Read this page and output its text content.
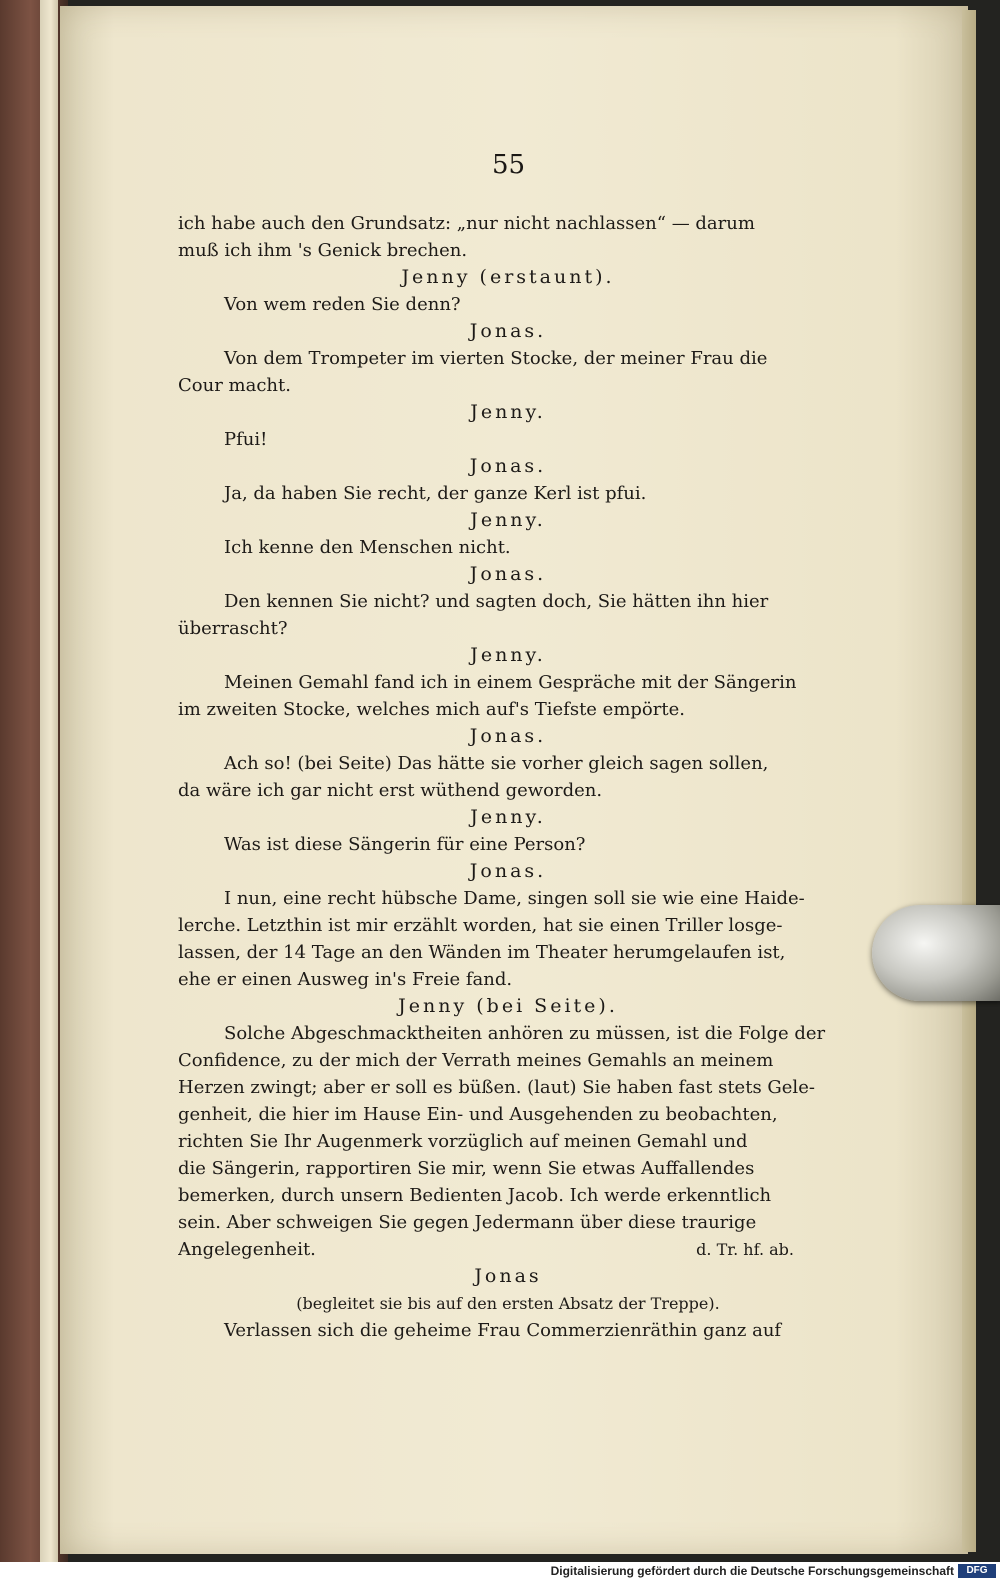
55
ich habe auch den Grundsatz: „nur nicht nachlassen“ — darum
muß ich ihm 's Genick brechen.
Jenny (erstaunt).
Von wem reden Sie denn?
Jonas.
Von dem Trompeter im vierten Stocke, der meiner Frau die
Cour macht.
Jenny.
Pfui!
Jonas.
Ja, da haben Sie recht, der ganze Kerl ist pfui.
Jenny.
Ich kenne den Menschen nicht.
Jonas.
Den kennen Sie nicht? und sagten doch, Sie hätten ihn hier
überrascht?
Jenny.
Meinen Gemahl fand ich in einem Gespräche mit der Sängerin
im zweiten Stocke, welches mich auf's Tiefste empörte.
Jonas.
Ach so! (bei Seite) Das hätte sie vorher gleich sagen sollen,
da wäre ich gar nicht erst wüthend geworden.
Jenny.
Was ist diese Sängerin für eine Person?
Jonas.
I nun, eine recht hübsche Dame, singen soll sie wie eine Haide-
lerche. Letzthin ist mir erzählt worden, hat sie einen Triller losge-
lassen, der 14 Tage an den Wänden im Theater herumgelaufen ist,
ehe er einen Ausweg in's Freie fand.
Jenny (bei Seite).
Solche Abgeschmacktheiten anhören zu müssen, ist die Folge der
Confidence, zu der mich der Verrath meines Gemahls an meinem
Herzen zwingt; aber er soll es büßen. (laut) Sie haben fast stets Gele-
genheit, die hier im Hause Ein- und Ausgehenden zu beobachten,
richten Sie Ihr Augenmerk vorzüglich auf meinen Gemahl und
die Sängerin, rapportiren Sie mir, wenn Sie etwas Auffallendes
bemerken, durch unsern Bedienten Jacob. Ich werde erkenntlich
sein. Aber schweigen Sie gegen Jedermann über diese traurige
Angelegenheit.	d. Tr. hf. ab.
Jonas
(begleitet sie bis auf den ersten Absatz der Treppe).
Verlassen sich die geheime Frau Commerzienräthin ganz auf
Digitalisierung gefördert durch die Deutsche Forschungsgemeinschaft	DFG
